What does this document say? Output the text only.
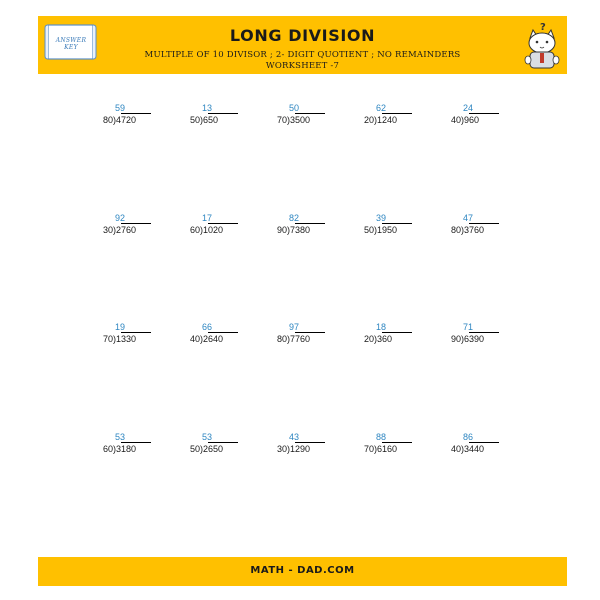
ANSWER
KEY
LONG DIVISION
MULTIPLE OF 10 DIVISOR ; 2- DIGIT QUOTIENT ; NO REMAINDERS
WORKSHEET -7
?
59
80)4720
13
50)650
50
70)3500
62
20)1240
24
40)960
92
30)2760
17
60)1020
82
90)7380
39
50)1950
47
80)3760
19
70)1330
66
40)2640
97
80)7760
18
20)360
71
90)6390
53
60)3180
53
50)2650
43
30)1290
88
70)6160
86
40)3440
MATH - DAD.COM
